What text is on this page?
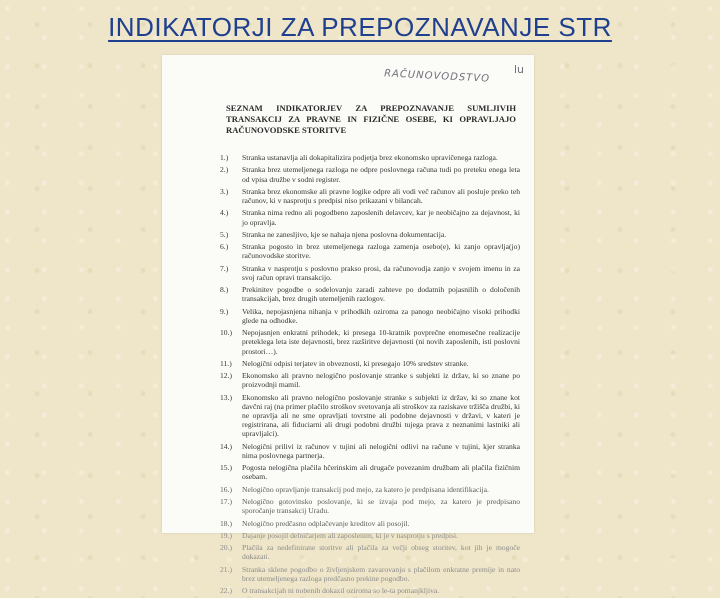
INDIKATORJI ZA PREPOZNAVANJE STR
RAČUNOVODSTVO lu
SEZNAM INDIKATORJEV ZA PREPOZNAVANJE SUMLJIVIH TRANSAKCIJ ZA PRAVNE IN FIZIČNE OSEBE, KI OPRAVLJAJO RAČUNOVODSKE STORITVE
1.)	Stranka ustanavlja ali dokapitalizira podjetja brez ekonomsko upravičenega razloga.
2.)	Stranka brez utemeljenega razloga ne odpre poslovnega računa tudi po preteku enega leta od vpisa družbe v sodni register.
3.)	Stranka brez ekonomske ali pravne logike odpre ali vodi več računov ali posluje preko teh računov, ki v nasprotju s predpisi niso prikazani v bilancah.
4.)	Stranka nima redno ali pogodbeno zaposlenih delavcev, kar je neobičajno za dejavnost, ki jo opravlja.
5.)	Stranka ne zanesljivo, kje se nahaja njena poslovna dokumentacija.
6.)	Stranka pogosto in brez utemeljenega razloga zamenja osebo(e), ki zanjo opravlja(jo) računovodske storitve.
7.)	Stranka v nasprotju s poslovno prakso prosi, da računovodja zanjo v svojem imenu in za svoj račun opravi transakcijo.
8.)	Prekinitev pogodbe o sodelovanju zaradi zahteve po dodatnih pojasnilih o določenih transakcijah, brez drugih utemeljenih razlogov.
9.)	Velika, nepojasnjena nihanja v prihodkih oziroma za panogo neobičajno visoki prihodki glede na odhodke.
10.)	Nepojasnjen enkratni prihodek, ki presega 10-kratnik povprečne enomesečne realizacije preteklega leta iste dejavnosti, brez razširitve dejavnosti (ni novih zaposlenih, isti poslovni prostori…).
11.)	Nelogični odpisi terjatev in obveznosti, ki presegajo 10% sredstev stranke.
12.)	Ekonomsko ali pravno nelogično poslovanje stranke s subjekti iz držav, ki so znane po proizvodnji mamil.
13.)	Ekonomsko ali pravno nelogično poslovanje stranke s subjekti iz držav, ki so znane kot davčni raj (na primer plačilo stroškov svetovanja ali stroškov za raziskave tržišča družbi, ki ne opravlja ali ne sme opravljati tovrstne ali podobne dejavnosti v državi, v kateri je registrirana, ali fiduciarni ali drugi podobni družbi tujega prava z neznanimi lastniki ali upravljalci).
14.)	Nelogični prilivi iz računov v tujini ali nelogični odlivi na račune v tujini, kjer stranka nima poslovnega partnerja.
15.)	Pogosta nelogična plačila hčerinskim ali drugače povezanim družbam ali plačila fizičnim osebam.
16.)	Nelogično opravljanje transakcij pod mejo, za katero je predpisana identifikacija.
17.)	Nelogično gotovinsko poslovanje, ki se izvaja pod mejo, za katero je predpisano sporočanje transakcij Uradu.
18.)	Nelogično predčasno odplačevanje kreditov ali posojil.
19.)	Dajanje posojil delničarjem ali zaposlenim, ki je v nasprotju s predpisi.
20.)	Plačila za nedefinirane storitve ali plačila za večji obseg storitev, kot jih je mogoče dokazati.
21.)	Stranka sklene pogodbo o življenjskem zavarovanju s plačilom enkratne premije in nato brez utemeljenega razloga predčasno prekine pogodbo.
22.)	O transakcijah ni nobenih dokazil oziroma so le-ta pomanjkljiva.
